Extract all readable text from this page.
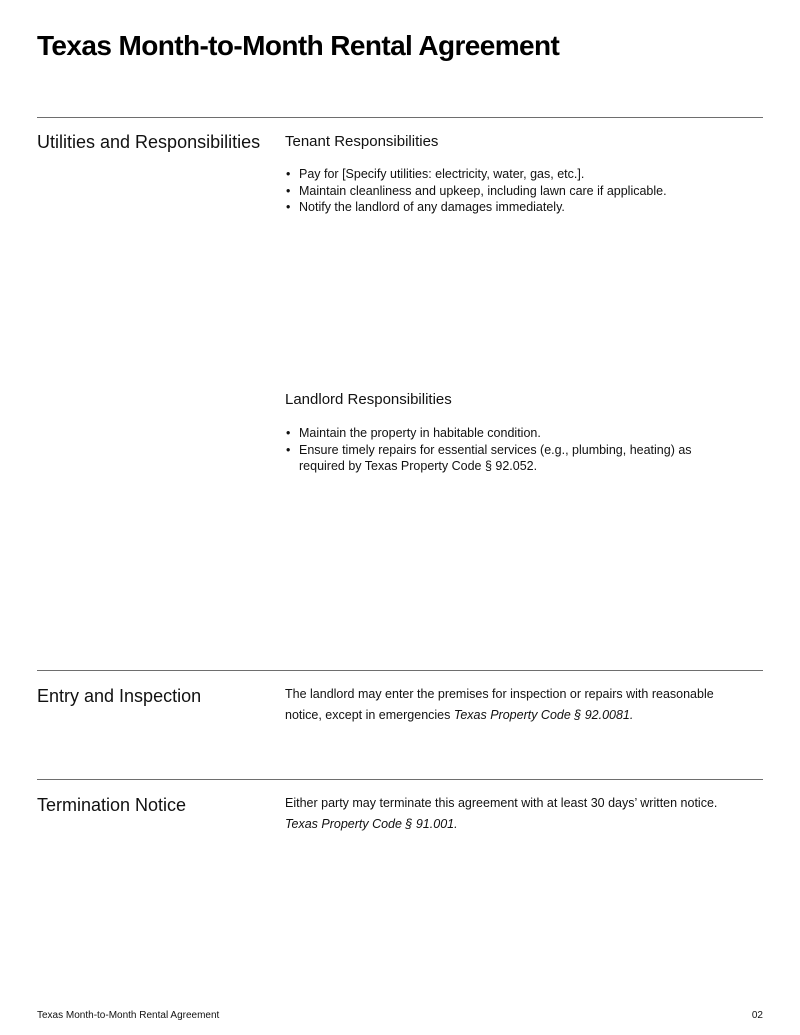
Texas Month-to-Month Rental Agreement
Utilities and Responsibilities Tenant Responsibilities
• Pay for [Specify utilities: electricity, water, gas, etc.].
• Maintain cleanliness and upkeep, including lawn care if applicable.
• Notify the landlord of any damages immediately.
Landlord Responsibilities
• Maintain the property in habitable condition.
• Ensure timely repairs for essential services (e.g., plumbing, heating) as required by Texas Property Code § 92.052.
Entry and Inspection	The landlord may enter the premises for inspection or repairs with reasonable notice, except in emergencies Texas Property Code § 92.0081.

Termination Notice	Either party may terminate this agreement with at least 30 days’ written notice.
Texas Property Code § 91.001.

Texas Month-to-Month Rental Agreement	02
